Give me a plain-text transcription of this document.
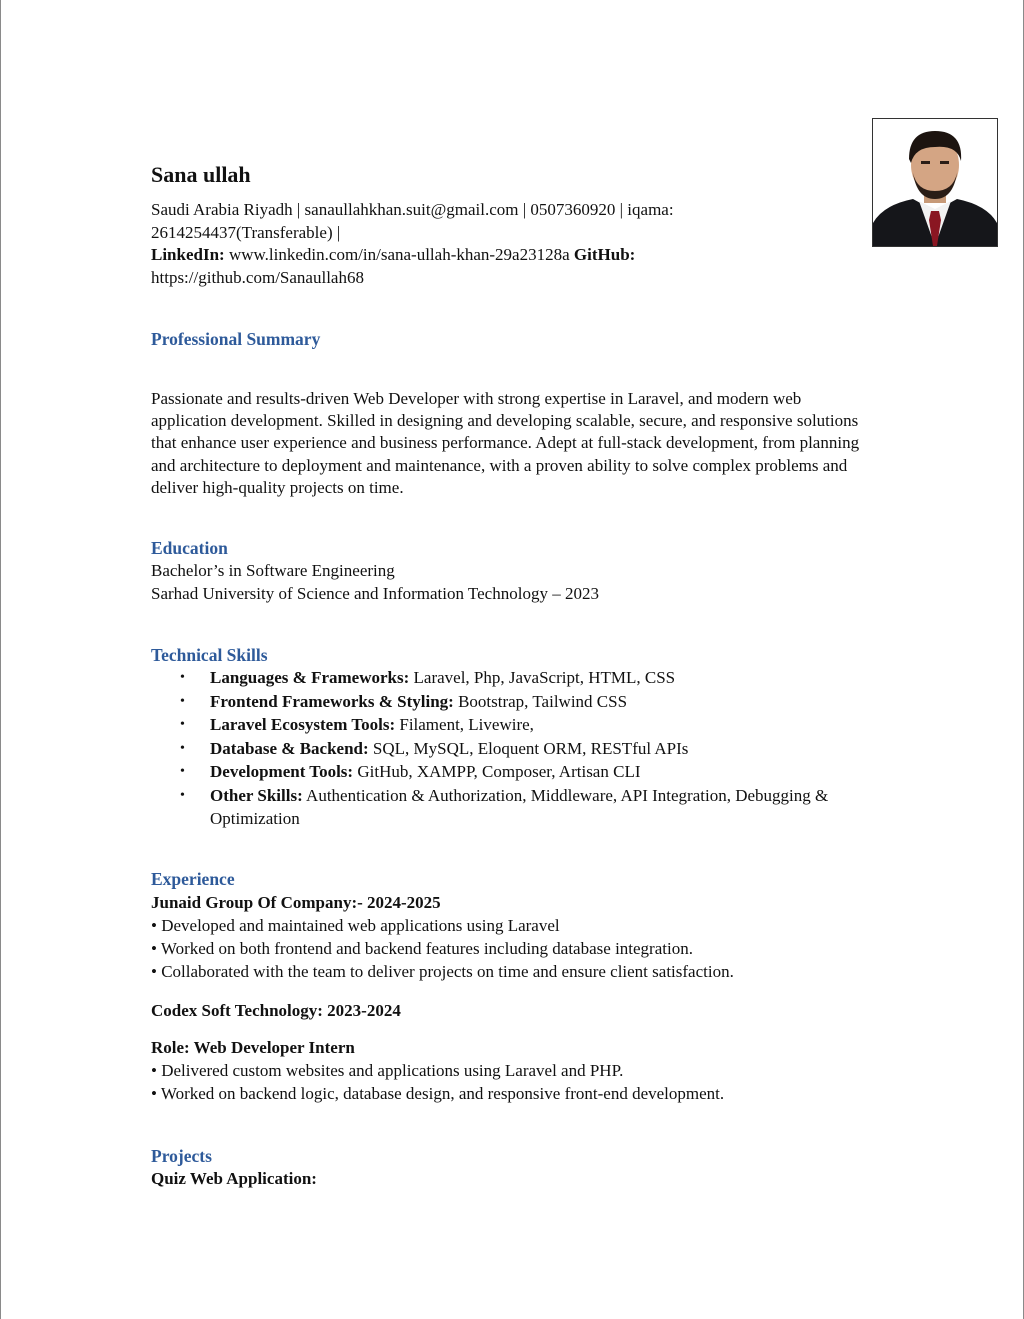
Sana ullah
Saudi Arabia Riyadh | sanaullahkhan.suit@gmail.com | 0507360920 | iqama:
2614254437(Transferable) |
LinkedIn: www.linkedin.com/in/sana-ullah-khan-29a23128a GitHub:
https://github.com/Sanaullah68
Professional Summary

Passionate and results-driven Web Developer with strong expertise in Laravel, and modern web application development. Skilled in designing and developing scalable, secure, and responsive solutions that enhance user experience and business performance. Adept at full-stack development, from planning and architecture to deployment and maintenance, with a proven ability to solve complex problems and deliver high-quality projects on time.

Education
Bachelor’s in Software Engineering
Sarhad University of Science and Information Technology – 2023
Technical Skills
• Languages & Frameworks: Laravel, Php, JavaScript, HTML, CSS
• Frontend Frameworks & Styling: Bootstrap, Tailwind CSS
• Laravel Ecosystem Tools: Filament, Livewire,
• Database & Backend: SQL, MySQL, Eloquent ORM, RESTful APIs
• Development Tools: GitHub, XAMPP, Composer, Artisan CLI
• Other Skills: Authentication & Authorization, Middleware, API Integration, Debugging & Optimization
Experience
Junaid Group Of Company:- 2024-2025
• Developed and maintained web applications using Laravel
• Worked on both frontend and backend features including database integration.
• Collaborated with the team to deliver projects on time and ensure client satisfaction.
Codex Soft Technology: 2023-2024
Role: Web Developer Intern
• Delivered custom websites and applications using Laravel and PHP.
• Worked on backend logic, database design, and responsive front-end development.
Projects
Quiz Web Application:
